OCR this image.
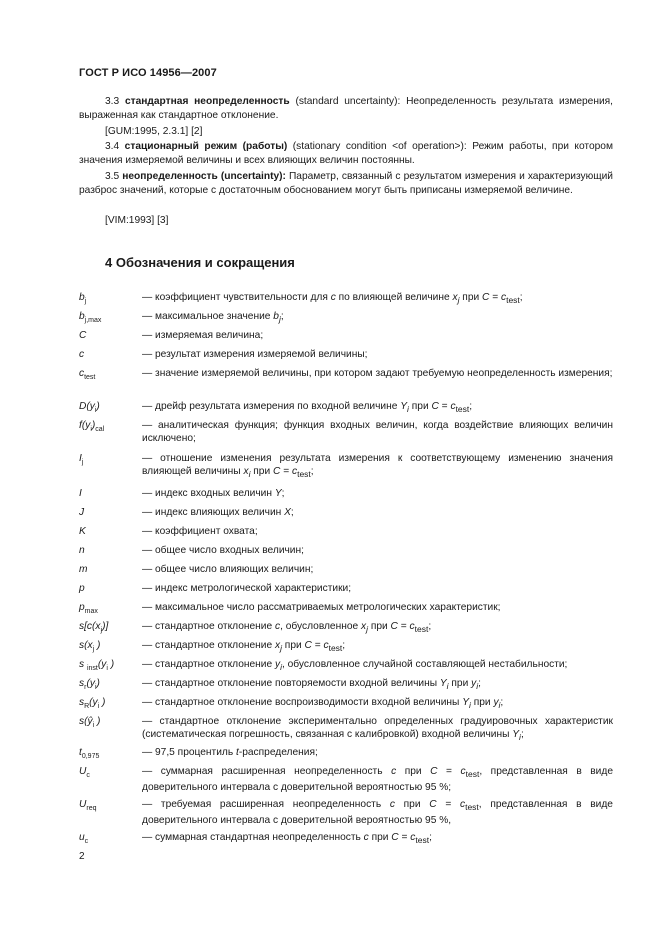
ГОСТ Р ИСО 14956—2007
3.3 стандартная неопределенность (standard uncertainty): Неопределенность результата измерения, выраженная как стандартное отклонение.
[GUM:1995, 2.3.1] [2]
3.4 стационарный режим (работы) (stationary condition <of operation>): Режим работы, при котором значения измеряемой величины и всех влияющих величин постоянны.
3.5 неопределенность (uncertainty): Параметр, связанный с результатом измерения и характеризующий разброс значений, которые с достаточным обоснованием могут быть приписаны измеряемой величине.
[VIM:1993] [3]
4 Обозначения и сокращения
$b_j$	— коэффициент чувствительности для c по влияющей величине $x_j$ при $C = c_{test}$;
$b_{j,max}$	— максимальное значение $b_j$;
C	— измеряемая величина;
c	— результат измерения измеряемой величины;
$c_{test}$	— значение измеряемой величины, при котором задают требуемую неопределенность измерения;
$D(y_i)$	— дрейф результата измерения по входной величине $Y_i$ при $C = c_{test}$;
$f(y_i)_{cal}$	— аналитическая функция; функция входных величин, когда воздействие влияющих величин исключено;
$I_j$	— отношение изменения результата измерения к соответствующему изменению значения влияющей величины $x_i$ при $C = c_{test}$;
I	— индекс входных величин Y;
J	— индекс влияющих величин X;
K	— коэффициент охвата;
n	— общее число входных величин;
m	— общее число влияющих величин;
p	— индекс метрологической характеристики;
$p_{max}$	— максимальное число рассматриваемых метрологических характеристик;
$s[c(x_j)]$	— стандартное отклонение c, обусловленное $x_j$ при $C = c_{test}$;
$s(x_j$ )	— стандартное отклонение $x_j$ при $C = c_{test}$;
s $_{inst}(y_i$ )	— стандартное отклонение $y_i$, обусловленное случайной составляющей нестабильности;
$s_r(y_i)$	— стандартное отклонение повторяемости входной величины $Y_i$ при $y_i$;
$s_R(y_i$ )	— стандартное отклонение воспроизводимости входной величины $Y_i$ при $y_i$;
$s(ŷ_i$ )	— стандартное отклонение экспериментально определенных градуировочных характеристик (систематическая погрешность, связанная с калибровкой) входной величины $Y_i$;
$t_{0,975}$	— 97,5 процентиль t-распределения;
$U_c$	— суммарная расширенная неопределенность c при $C = c_{test}$, представленная в виде доверительного интервала с доверительной вероятностью 95 %;
$U_{req}$	— требуемая расширенная неопределенность c при $C = c_{test}$, представленная в виде доверительного интервала с доверительной вероятностью 95 %,
$u_c$	— суммарная стандартная неопределенность c при $C = c_{test}$;
2
